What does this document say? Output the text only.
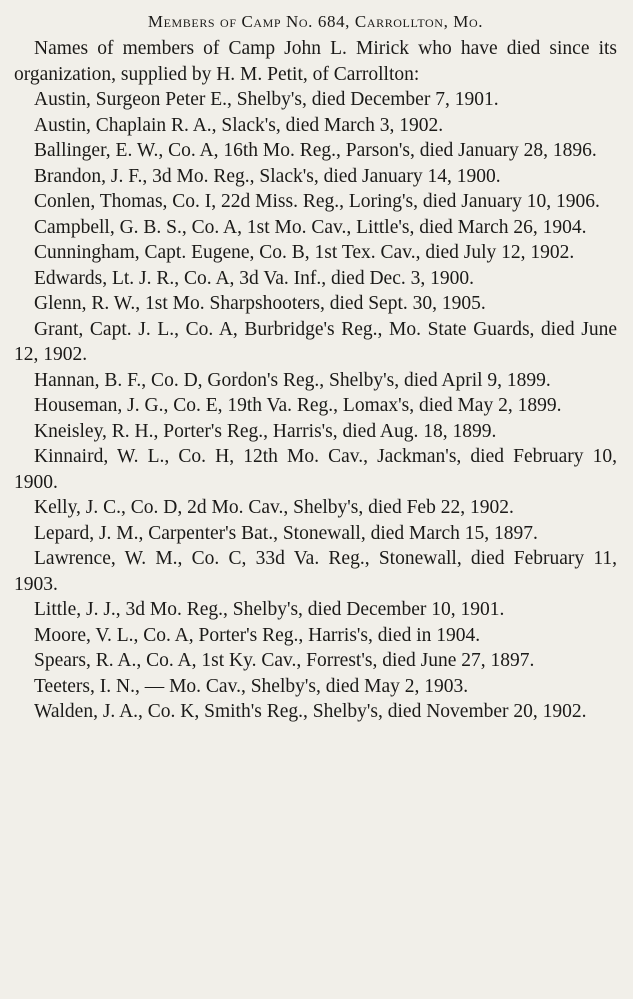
Members of Camp No. 684, Carrollton, Mo.

Names of members of Camp John L. Mirick who have died since its organization, supplied by H. M. Petit, of Carrollton:

Austin, Surgeon Peter E., Shelby's, died December 7, 1901.

Austin, Chaplain R. A., Slack's, died March 3, 1902.

Ballinger, E. W., Co. A, 16th Mo. Reg., Parson's, died January 28, 1896.

Brandon, J. F., 3d Mo. Reg., Slack's, died January 14, 1900.

Conlen, Thomas, Co. I, 22d Miss. Reg., Loring's, died January 10, 1906.

Campbell, G. B. S., Co. A, 1st Mo. Cav., Little's, died March 26, 1904.

Cunningham, Capt. Eugene, Co. B, 1st Tex. Cav., died July 12, 1902.

Edwards, Lt. J. R., Co. A, 3d Va. Inf., died Dec. 3, 1900.

Glenn, R. W., 1st Mo. Sharpshooters, died Sept. 30, 1905.

Grant, Capt. J. L., Co. A, Burbridge's Reg., Mo. State Guards, died June 12, 1902.

Hannan, B. F., Co. D, Gordon's Reg., Shelby's, died April 9, 1899.

Houseman, J. G., Co. E, 19th Va. Reg., Lomax's, died May 2, 1899.

Kneisley, R. H., Porter's Reg., Harris's, died Aug. 18, 1899.

Kinnaird, W. L., Co. H, 12th Mo. Cav., Jackman's, died February 10, 1900.

Kelly, J. C., Co. D, 2d Mo. Cav., Shelby's, died Feb 22, 1902.

Lepard, J. M., Carpenter's Bat., Stonewall, died March 15, 1897.

Lawrence, W. M., Co. C, 33d Va. Reg., Stonewall, died February 11, 1903.

Little, J. J., 3d Mo. Reg., Shelby's, died December 10, 1901.

Moore, V. L., Co. A, Porter's Reg., Harris's, died in 1904.

Spears, R. A., Co. A, 1st Ky. Cav., Forrest's, died June 27, 1897.

Teeters, I. N., — Mo. Cav., Shelby's, died May 2, 1903.

Walden, J. A., Co. K, Smith's Reg., Shelby's, died November 20, 1902.
